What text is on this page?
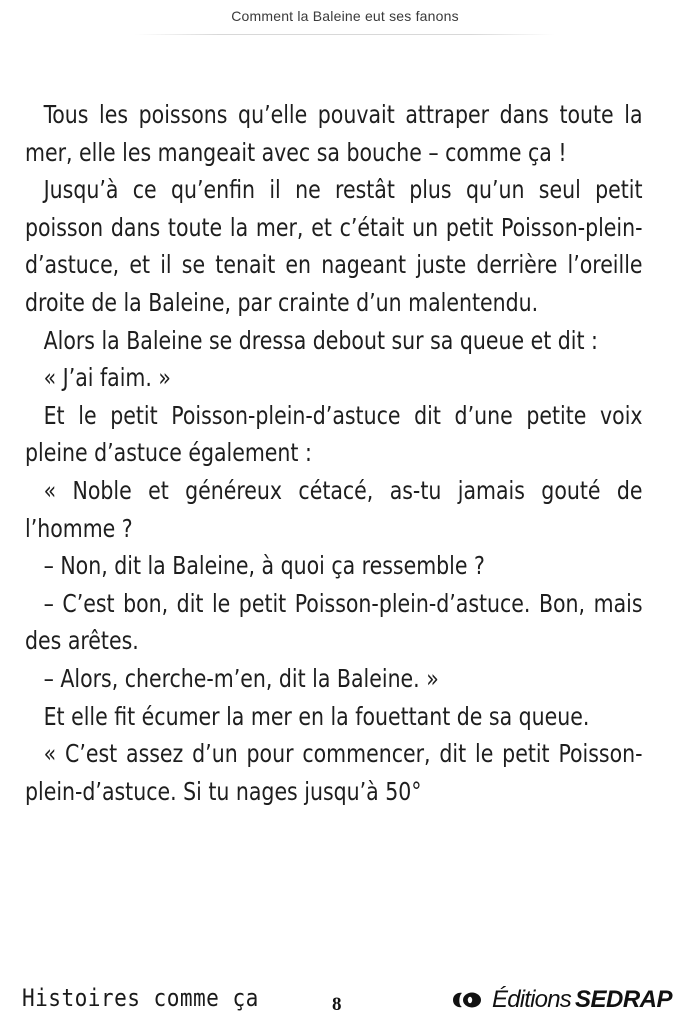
Comment la Baleine eut ses fanons

Tous les poissons qu’elle pouvait attraper dans toute la mer, elle les mangeait avec sa bouche – comme ça !

Jusqu’à ce qu’enfin il ne restât plus qu’un seul petit poisson dans toute la mer, et c’était un petit Poisson-plein-d’astuce, et il se tenait en nageant juste derrière l’oreille droite de la Baleine, par crainte d’un malentendu.

Alors la Baleine se dressa debout sur sa queue et dit :

« J’ai faim. »

Et le petit Poisson-plein-d’astuce dit d’une petite voix pleine d’astuce également :

« Noble et généreux cétacé, as-tu jamais gouté de l’homme ?

– Non, dit la Baleine, à quoi ça ressemble ?

– C’est bon, dit le petit Poisson-plein-d’astuce. Bon, mais des arêtes.

– Alors, cherche-m’en, dit la Baleine. »

Et elle fit écumer la mer en la fouettant de sa queue.

« C’est assez d’un pour commencer, dit le petit Poisson-plein-d’astuce. Si tu nages jusqu’à 50°

Histoires comme ça	8	Éditions SEDRAP
